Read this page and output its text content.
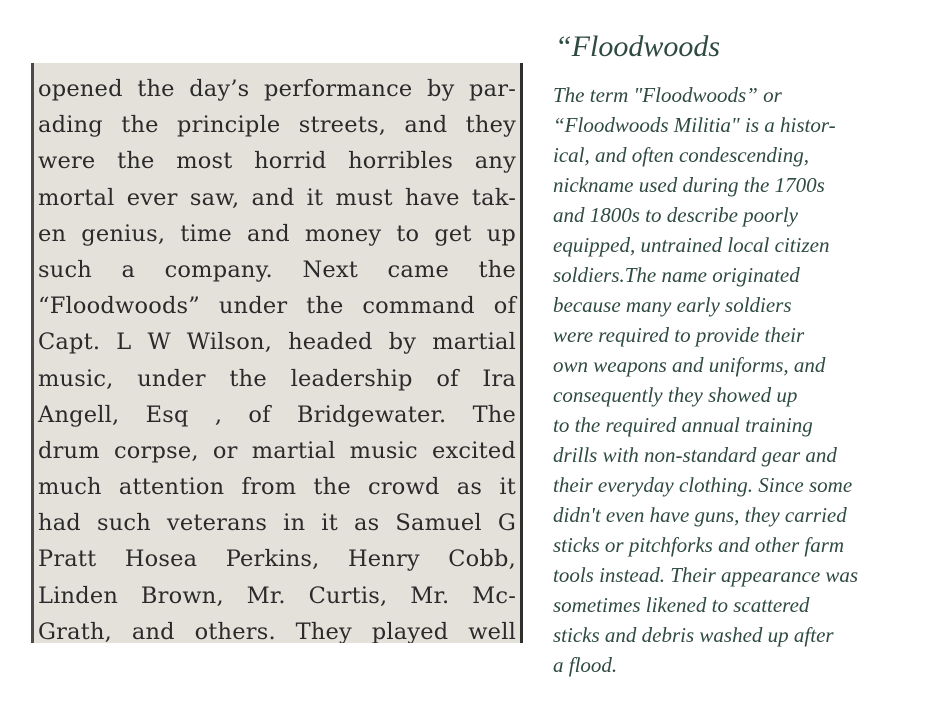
opened the day’s performance by par-
ading the principle streets, and they
were the most horrid horribles any
mortal ever saw, and it must have tak-
en genius, time and money to get up
such a company. Next came the
“Floodwoods” under the command of
Capt. L W Wilson, headed by martial
music, under the leadership of Ira
Angell, Esq , of Bridgewater. The
drum corpse, or martial music excited
much attention from the crowd as it
had such veterans in it as Samuel G
Pratt Hosea Perkins, Henry Cobb,
Linden Brown, Mr. Curtis, Mr. Mc-
Grath, and others. They played well
“Floodwoods
The term "Floodwoods” or
“Floodwoods Militia" is a histor-
ical, and often condescending,
nickname used during the 1700s
and 1800s to describe poorly
equipped, untrained local citizen
soldiers.The name originated
because many early soldiers
were required to provide their
own weapons and uniforms, and
consequently they showed up
to the required annual training
drills with non-standard gear and
their everyday clothing. Since some
didn't even have guns, they carried
sticks or pitchforks and other farm
tools instead. Their appearance was
sometimes likened to scattered
sticks and debris washed up after
a flood.
